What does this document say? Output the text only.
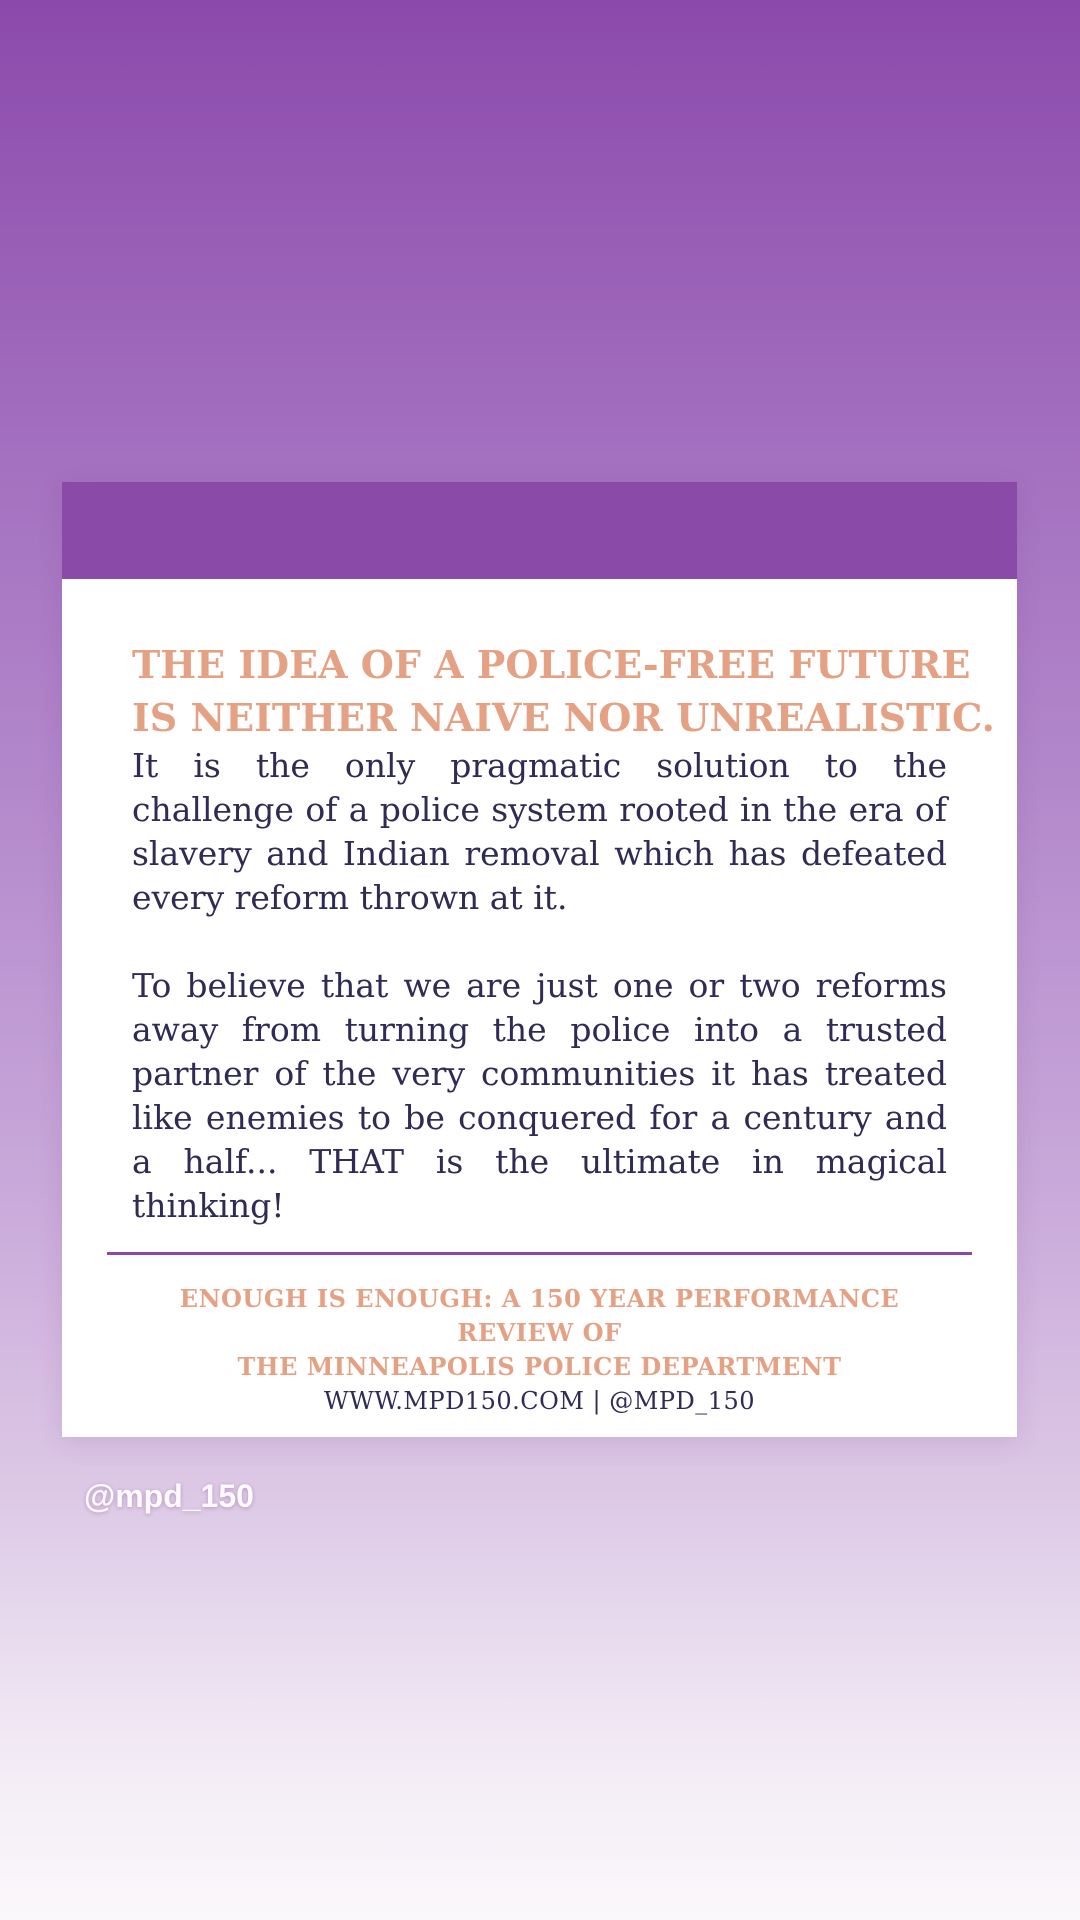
THE IDEA OF A POLICE-FREE FUTURE
IS NEITHER NAIVE NOR UNREALISTIC.

It is the only pragmatic solution to the challenge of a police system rooted in the era of slavery and Indian removal which has defeated every reform thrown at it.

To believe that we are just one or two reforms away from turning the police into a trusted partner of the very communities it has treated like enemies to be conquered for a century and a half... THAT is the ultimate in magical thinking!

ENOUGH IS ENOUGH: A 150 YEAR PERFORMANCE REVIEW OF

THE MINNEAPOLIS POLICE DEPARTMENT

WWW.MPD150.COM | @MPD_150

@mpd_150
